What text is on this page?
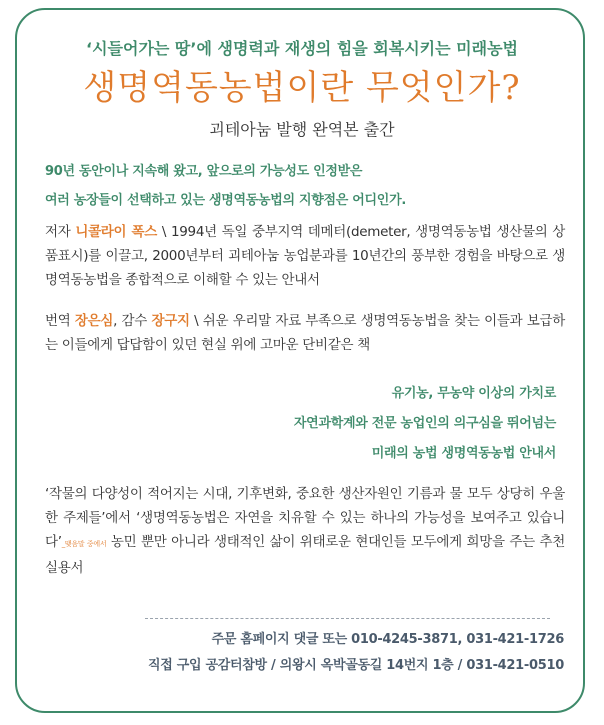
‘시들어가는 땅’에 생명력과 재생의 힘을 회복시키는 미래농법
생명역동농법이란 무엇인가?
괴테아눔 발행 완역본 출간
90년 동안이나 지속해 왔고, 앞으로의 가능성도 인정받은
여러 농장들이 선택하고 있는 생명역동농법의 지향점은 어디인가.
저자 니콜라이 폭스 \ 1994년 독일 중부지역 데메터(demeter, 생명역동농법 생산물의 상품표시)를 이끌고, 2000년부터 괴테아눔 농업분과를 10년간의 풍부한 경험을 바탕으로 생명역동농법을 종합적으로 이해할 수 있는 안내서
번역 장은심, 감수 장구지 \ 쉬운 우리말 자료 부족으로 생명역동농법을 찾는 이들과 보급하는 이들에게 답답함이 있던 현실 위에 고마운 단비같은 책
유기농, 무농약 이상의 가치로
자연과학계와 전문 농업인의 의구심을 뛰어넘는
미래의 농법 생명역동농법 안내서
‘작물의 다양성이 적어지는 시대, 기후변화, 중요한 생산자원인 기름과 물 모두 상당히 우울한 주제들’에서 ‘생명역동농법은 자연을 치유할 수 있는 하나의 가능성을 보여주고 있습니다’_맺음말 중에서 농민 뿐만 아니라 생태적인 삶이 위태로운 현대인들 모두에게 희망을 주는 추천 실용서
주문 홈페이지 댓글 또는 010-4245-3871, 031-421-1726
직접 구입 공감터참방 / 의왕시 옥박골동길 14번지 1층 / 031-421-0510
